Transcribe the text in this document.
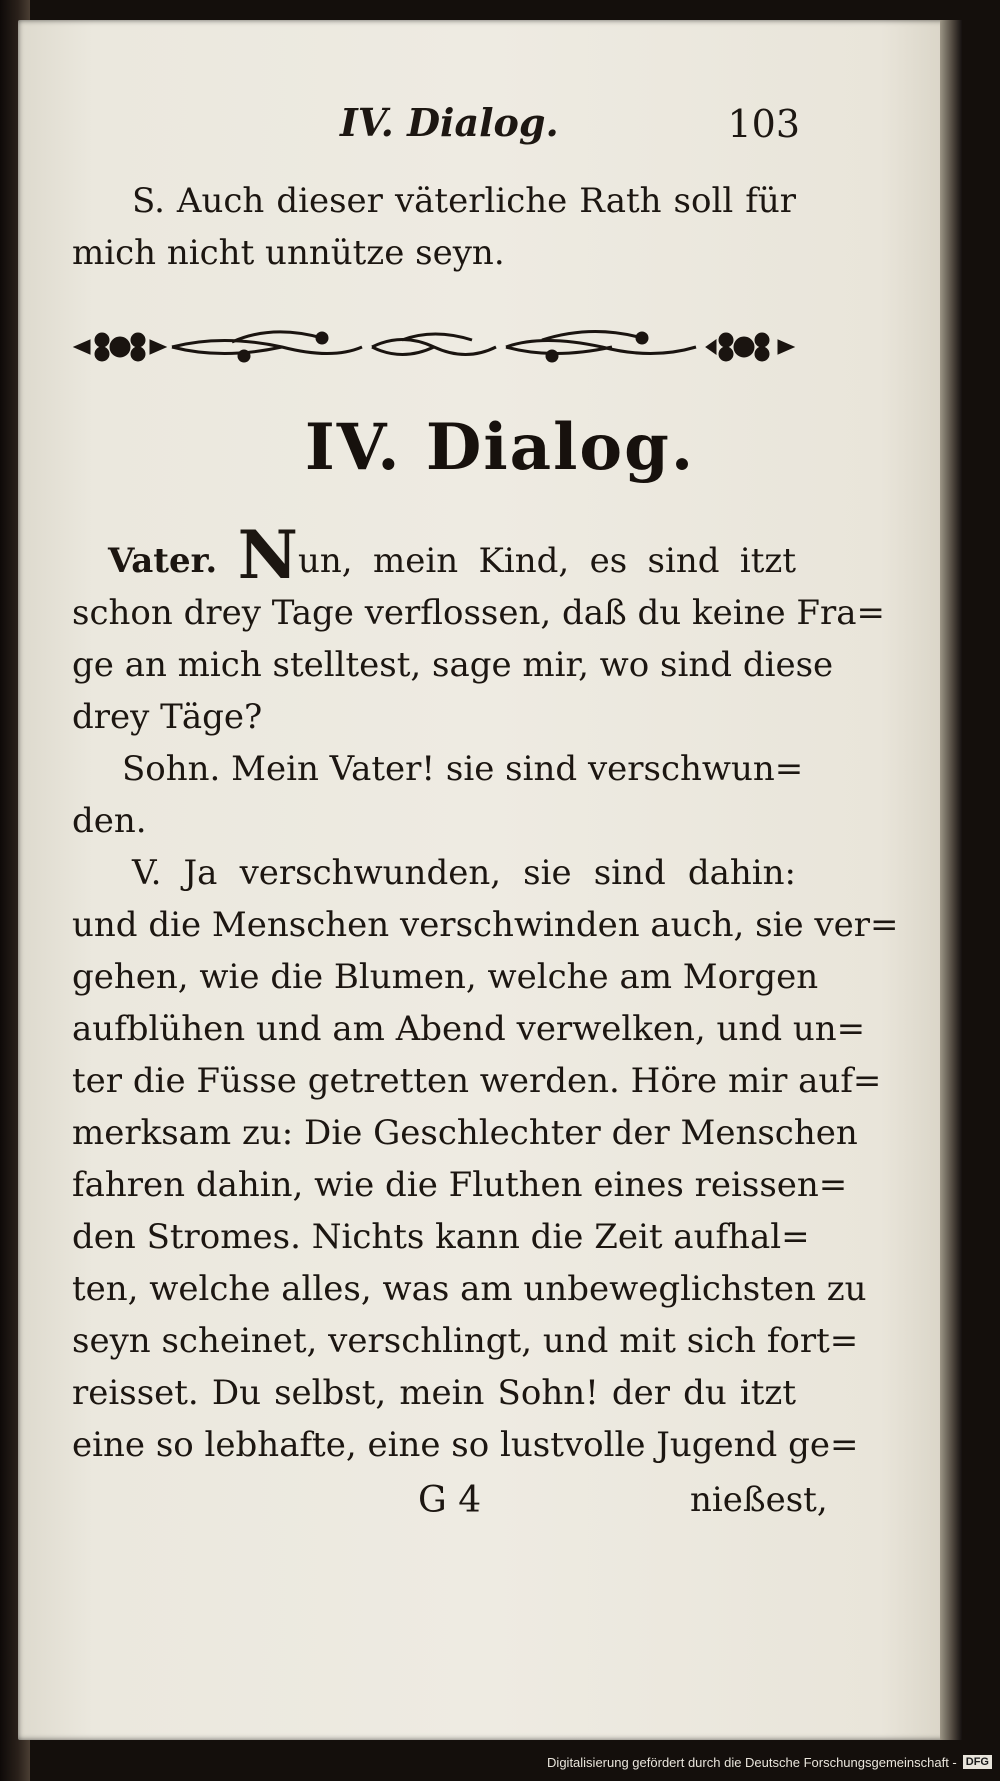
IV. Dialog.	103
S. Auch dieser väterliche Rath soll für
mich nicht unnütze seyn.
IV. Dialog.
Vater. Nun, mein Kind, es sind itzt
schon drey Tage verflossen, daß du keine Fra=
ge an mich stelltest, sage mir, wo sind diese
drey Täge?
Sohn. Mein Vater! sie sind verschwun=
den.
V. Ja verschwunden, sie sind dahin:
und die Menschen verschwinden auch, sie ver=
gehen, wie die Blumen, welche am Morgen
aufblühen und am Abend verwelken, und un=
ter die Füsse getretten werden. Höre mir auf=
merksam zu: Die Geschlechter der Menschen
fahren dahin, wie die Fluthen eines reissen=
den Stromes. Nichts kann die Zeit aufhal=
ten, welche alles, was am unbeweglichsten zu
seyn scheinet, verschlingt, und mit sich fort=
reisset. Du selbst, mein Sohn! der du itzt
eine so lebhafte, eine so lustvolle Jugend ge=
G 4	nießest,
Digitalisierung gefördert durch die Deutsche Forschungsgemeinschaft - DFG
